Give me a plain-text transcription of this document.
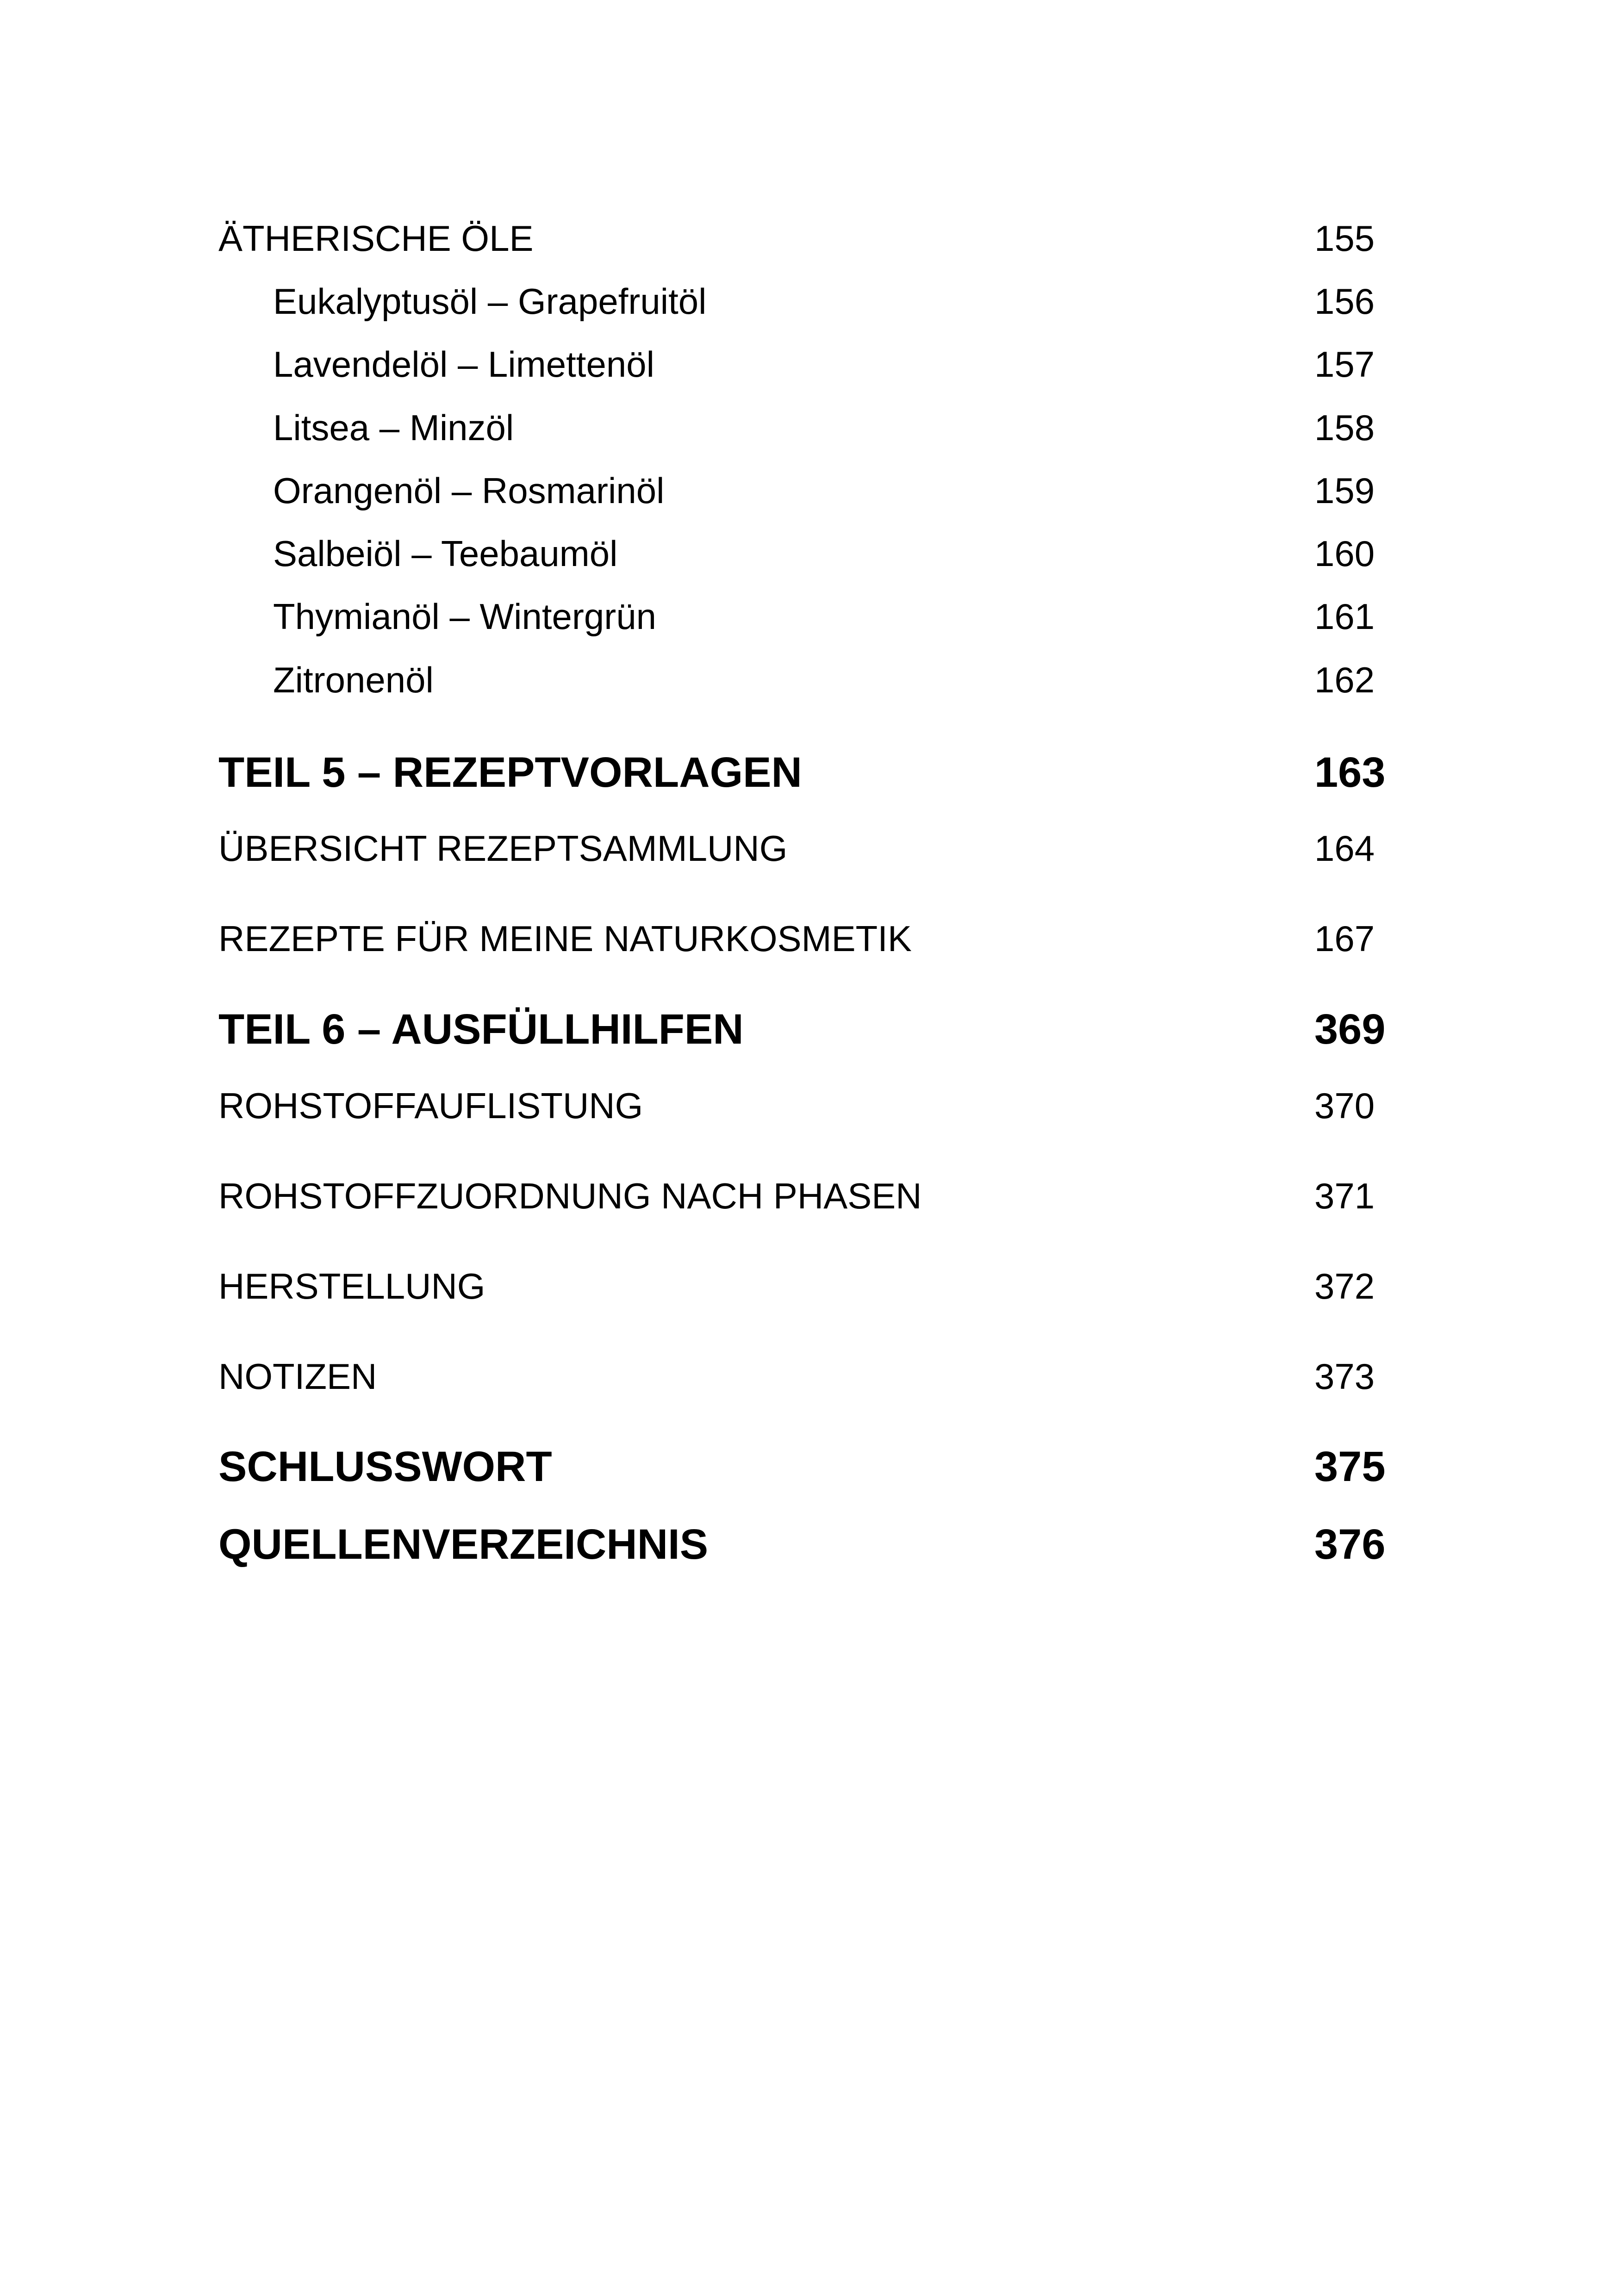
ÄTHERISCHE ÖLE	155
Eukalyptusöl – Grapefruitöl	156
Lavendelöl – Limettenöl	157
Litsea – Minzöl	158
Orangenöl – Rosmarinöl	159
Salbeiöl – Teebaumöl	160
Thymianöl – Wintergrün	161
Zitronenöl	162
TEIL 5 – REZEPTVORLAGEN	163
ÜBERSICHT REZEPTSAMMLUNG	164
REZEPTE FÜR MEINE NATURKOSMETIK	167
TEIL 6 – AUSFÜLLHILFEN	369
ROHSTOFFAUFLISTUNG	370
ROHSTOFFZUORDNUNG NACH PHASEN	371
HERSTELLUNG	372
NOTIZEN	373
SCHLUSSWORT	375
QUELLENVERZEICHNIS	376
